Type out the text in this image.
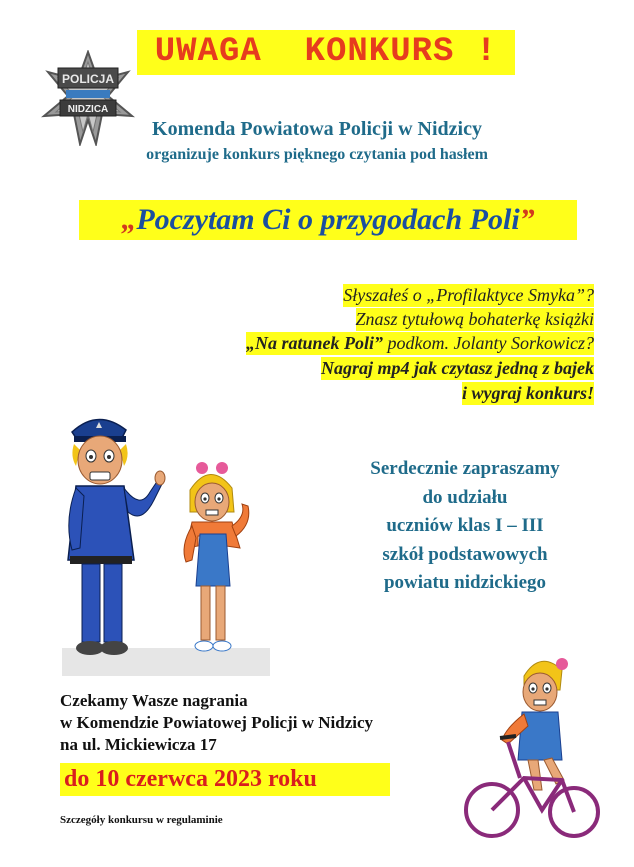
UWAGA  KONKURS !
POLICJA
NIDZICA
Komenda Powiatowa Policji w Nidzicy
organizuje konkurs pięknego czytania pod hasłem
„Poczytam Ci o przygodach Poli”
Słyszałeś o „Profilaktyce Smyka”?
Znasz tytułową bohaterkę książki
„Na ratunek Poli” podkom. Jolanty Sorkowicz?
Nagraj mp4 jak czytasz jedną z bajek
i wygraj konkurs!
Serdecznie zapraszamy
do udziału
uczniów klas I – III
szkół podstawowych
powiatu nidzickiego
Czekamy Wasze nagrania
w Komendzie Powiatowej Policji w Nidzicy
na ul. Mickiewicza 17
do 10 czerwca 2023 roku
Szczegóły konkursu w regulaminie
